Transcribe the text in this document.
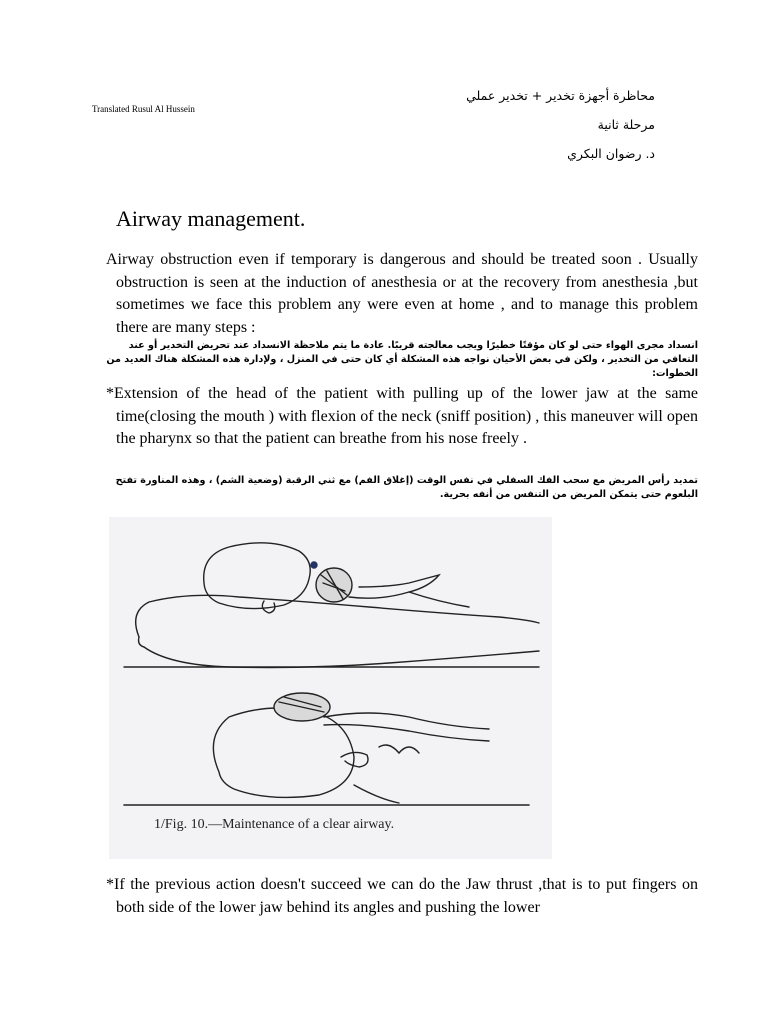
Translated Rusul Al Hussein
محاظرة أجهزة تخدير + تخدير عملي
مرحلة ثانية
د. رضوان البكري
Airway management.
Airway obstruction even if temporary is dangerous and should be treated soon . Usually obstruction is seen at the induction of anesthesia or at the recovery from anesthesia ,but sometimes we face this problem any were even at home , and to manage this problem there are many steps :
انسداد مجرى الهواء حتى لو كان مؤقتًا خطيرًا ويجب معالجته قريبًا. عادة ما يتم ملاحظة الانسداد عند تحريض التخدير أو عند التعافي من التخدير ، ولكن في بعض الأحيان نواجه هذه المشكلة أي كان حتى في المنزل ، ولإدارة هذه المشكلة هناك العديد من الخطوات:
*Extension of the head of the patient with pulling up of the lower jaw at the same time(closing the mouth ) with flexion of the neck (sniff position) , this maneuver will open the pharynx so that the patient can breathe from his nose freely .
تمديد رأس المريض مع سحب الفك السفلي في نفس الوقت (إغلاق الفم) مع ثني الرقبة (وضعية الشم) ، وهذه المناورة تفتح البلعوم حتى يتمكن المريض من التنفس من أنفه بحرية.
1/Fig. 10.—Maintenance of a clear airway.
*If the previous action doesn't succeed we can do the Jaw thrust ,that is to put fingers on both side of the lower jaw behind its angles and pushing the lower
